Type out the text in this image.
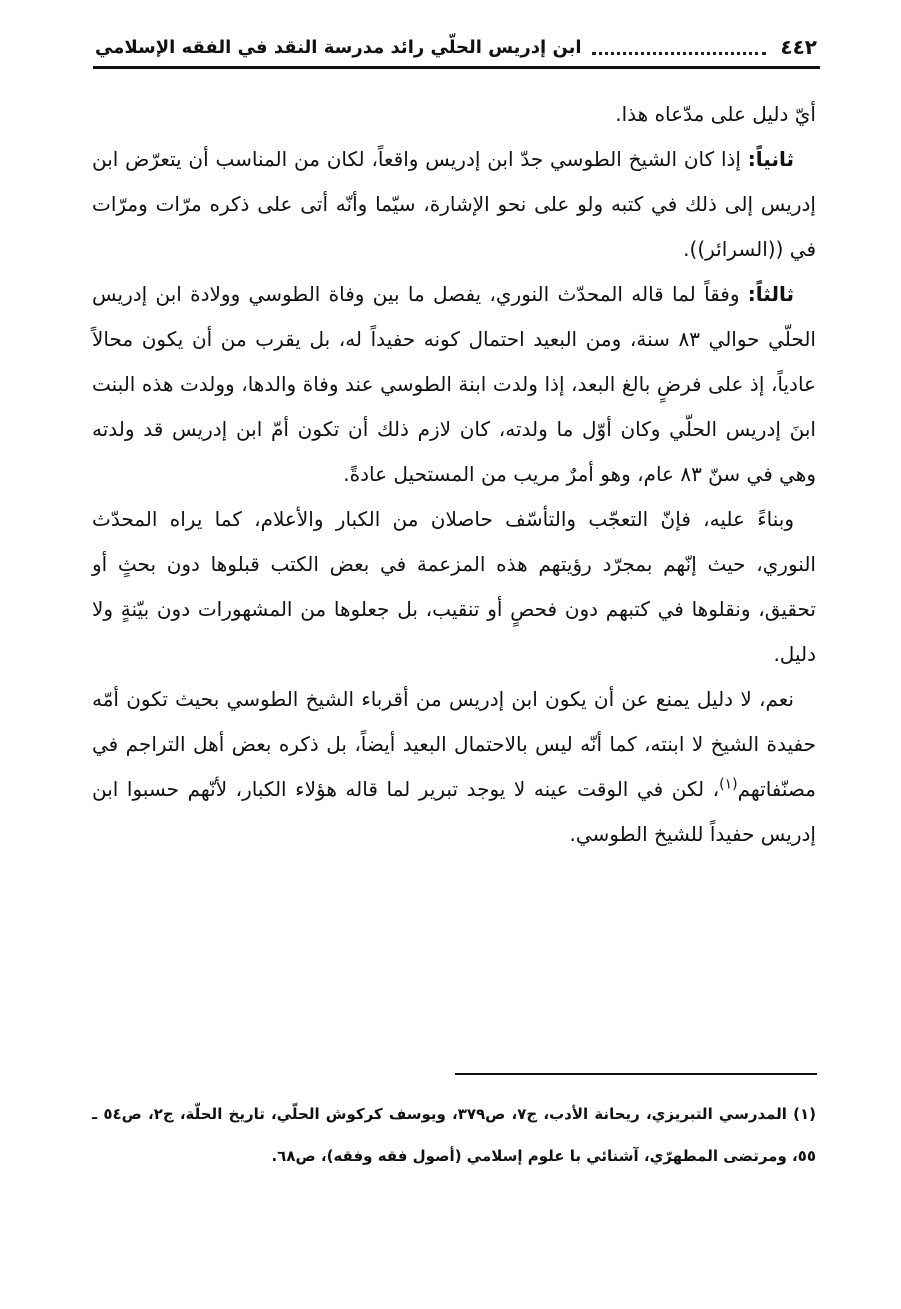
٤٤٢
ابن إدريس الحلّي رائد مدرسة النقد في الفقه الإسلامي

أيّ دليل على مدّعاه هذا.

ثانياً: إذا كان الشيخ الطوسي جدّ ابن إدريس واقعاً، لكان من المناسب أن يتعرّض ابن إدريس إلى ذلك في كتبه ولو على نحو الإشارة، سيّما وأنّه أتى على ذكره مرّات ومرّات في ((السرائر)).

ثالثاً: وفقاً لما قاله المحدّث النوري، يفصل ما بين وفاة الطوسي وولادة ابن إدريس الحلّي حوالي ٨٣ سنة، ومن البعيد احتمال كونه حفيداً له، بل يقرب من أن يكون محالاً عادياً، إذ على فرضٍ بالغ البعد، إذا ولدت ابنة الطوسي عند وفاة والدها، وولدت هذه البنت ابنَ إدريس الحلّي وكان أوّل ما ولدته، كان لازم ذلك أن تكون أمّ ابن إدريس قد ولدته وهي في سنّ ٨٣ عام، وهو أمرٌ مريب من المستحيل عادةً.

وبناءً عليه، فإنّ التعجّب والتأسّف حاصلان من الكبار والأعلام، كما يراه المحدّث النوري، حيث إنّهم بمجرّد رؤيتهم هذه المزعمة في بعض الكتب قبلوها دون بحثٍ أو تحقيق، ونقلوها في كتبهم دون فحصٍ أو تنقيب، بل جعلوها من المشهورات دون بيّنةٍ ولا دليل.

نعم، لا دليل يمنع عن أن يكون ابن إدريس من أقرباء الشيخ الطوسي بحيث تكون أمّه حفيدة الشيخ لا ابنته، كما أنّه ليس بالاحتمال البعيد أيضاً، بل ذكره بعض أهل التراجم في مصنّفاتهم$^{(١)}$، لكن في الوقت عينه لا يوجد تبرير لما قاله هؤلاء الكبار، لأنّهم حسبوا ابن إدريس حفيداً للشيخ الطوسي.

(١) المدرسي التبريزي، ريحانة الأدب، ج٧، ص٣٧٩، ويوسف كركوش الحلّي، تاريخ الحلّة، ج٢، ص٥٤ ـ ٥٥، ومرتضى المطهرّي، آشنائي با علوم إسلامي (أصول فقه وفقه)، ص٦٨.
